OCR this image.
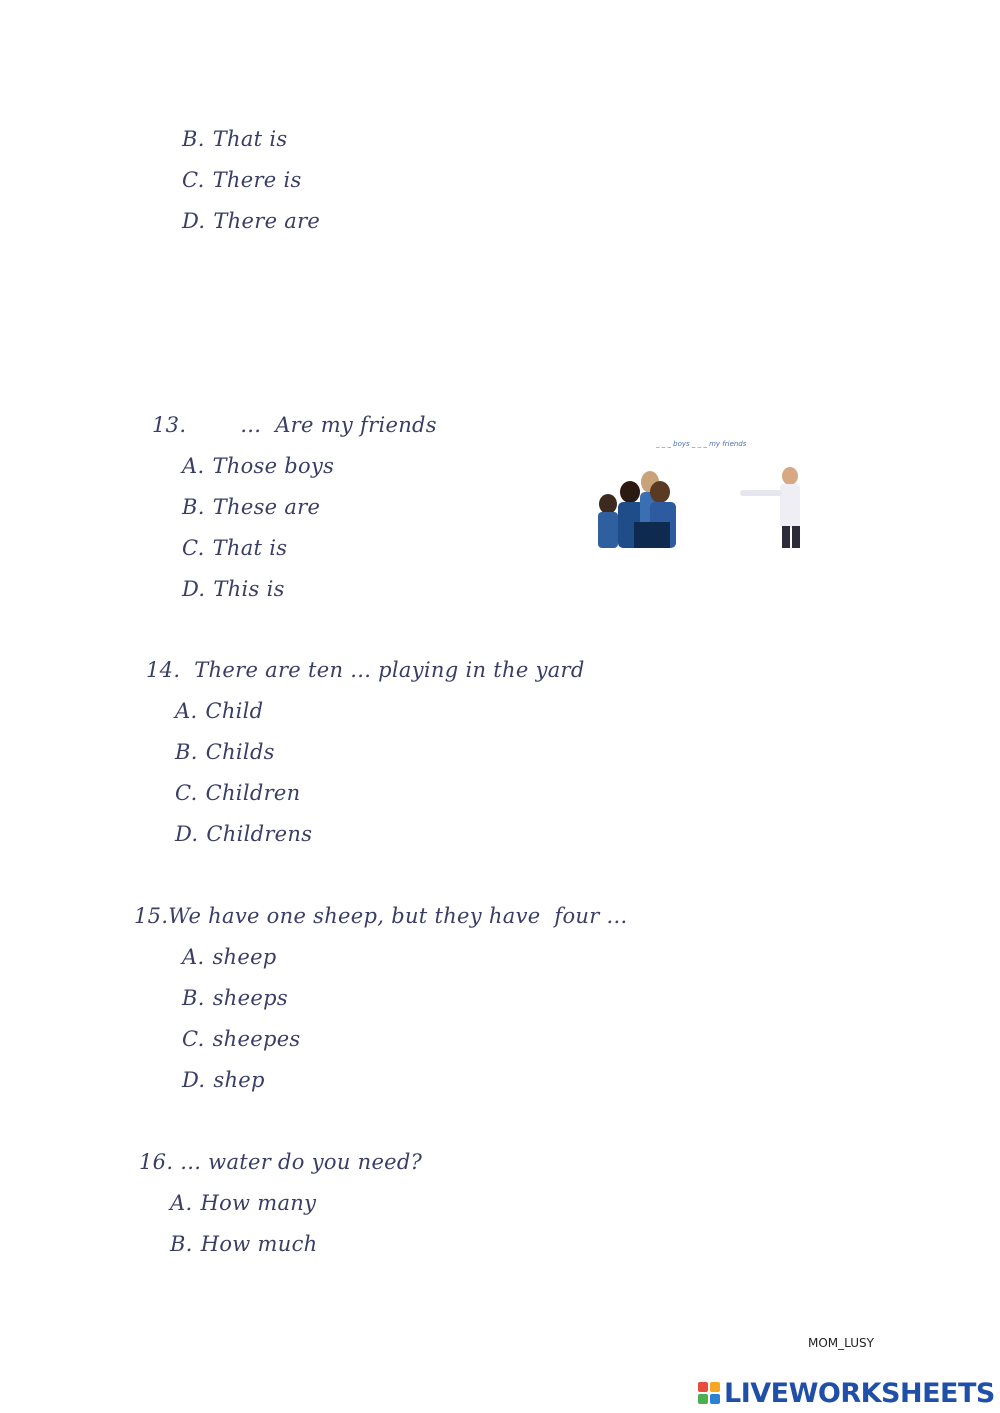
B. That is
C. There is
D. There are
13.	...  Are my friends
A. Those boys
B. These are
C. That is
D. This is
_ _ _ boys _ _ _ my friends
14.  There are ten ... playing in the yard
A. Child
B. Childs
C. Children
D. Childrens
15.We have one sheep, but they have  four ...
A. sheep
B. sheeps
C. sheepes
D. shep
16. ... water do you need?
A. How many
B. How much
MOM_LUSY
LIVEWORKSHEETS
